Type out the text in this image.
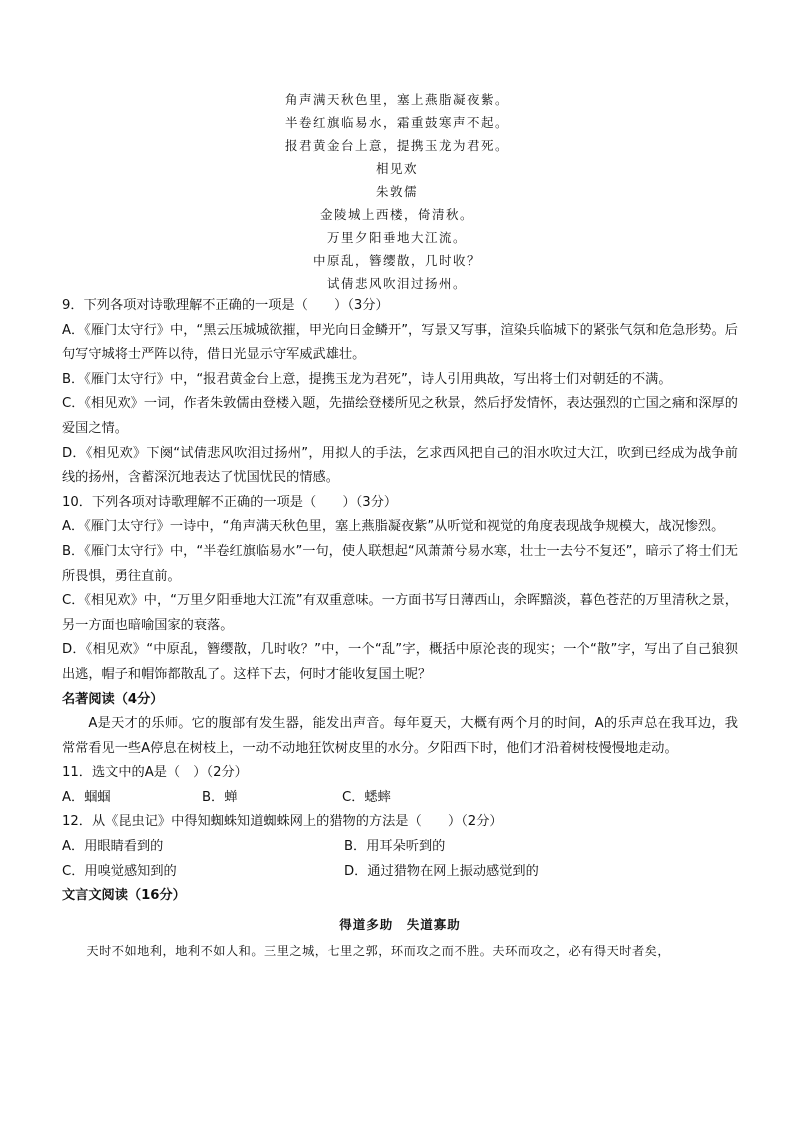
角声满天秋色里，塞上燕脂凝夜紫。
半卷红旗临易水，霜重鼓寒声不起。
报君黄金台上意，提携玉龙为君死。
相见欢
朱敦儒
金陵城上西楼，倚清秋。
万里夕阳垂地大江流。
中原乱，簪缨散，几时收？
试倩悲风吹泪过扬州。

9．下列各项对诗歌理解不正确的一项是（　　）（3分）

A．《雁门太守行》中，“黑云压城城欲摧，甲光向日金鳞开”，写景又写事，渲染兵临城下的紧张气氛和危急形势。后句写守城将士严阵以待，借日光显示守军威武雄壮。

B．《雁门太守行》中，“报君黄金台上意，提携玉龙为君死”，诗人引用典故，写出将士们对朝廷的不满。

C．《相见欢》一词，作者朱敦儒由登楼入题，先描绘登楼所见之秋景，然后抒发情怀，表达强烈的亡国之痛和深厚的爱国之情。

D．《相见欢》下阕“试倩悲风吹泪过扬州”，用拟人的手法，乞求西风把自己的泪水吹过大江，吹到已经成为战争前线的扬州，含蓄深沉地表达了忧国忧民的情感。

10．下列各项对诗歌理解不正确的一项是（　　）（3分）

A．《雁门太守行》一诗中，“角声满天秋色里，塞上燕脂凝夜紫”从听觉和视觉的角度表现战争规模大，战况惨烈。

B．《雁门太守行》中，“半卷红旗临易水”一句，使人联想起“风萧萧兮易水寒，壮士一去兮不复还”，暗示了将士们无所畏惧，勇往直前。

C．《相见欢》中，“万里夕阳垂地大江流”有双重意味。一方面书写日薄西山，余晖黯淡，暮色苍茫的万里清秋之景，另一方面也暗喻国家的衰落。

D．《相见欢》“中原乱，簪缨散，几时收？”中，一个“乱”字，概括中原沦丧的现实；一个“散”字，写出了自己狼狈出逃，帽子和帽饰都散乱了。这样下去，何时才能收复国土呢？

名著阅读（4分）

A是天才的乐师。它的腹部有发生器，能发出声音。每年夏天，大概有两个月的时间，A的乐声总在我耳边，我常常看见一些A停息在树枝上，一动不动地狂饮树皮里的水分。夕阳西下时，他们才沿着树枝慢慢地走动。

11．选文中的A是（　）（2分）

A．蝈蝈	B．蝉	C．蟋蟀

12．从《昆虫记》中得知蜘蛛知道蜘蛛网上的猎物的方法是（　　）（2分）

A．用眼睛看到的	B．用耳朵听到的
C．用嗅觉感知到的	D．通过猎物在网上振动感觉到的

文言文阅读（16分）

得道多助　失道寡助

天时不如地利，地利不如人和。三里之城，七里之郭，环而攻之而不胜。夫环而攻之，必有得天时者矣，
